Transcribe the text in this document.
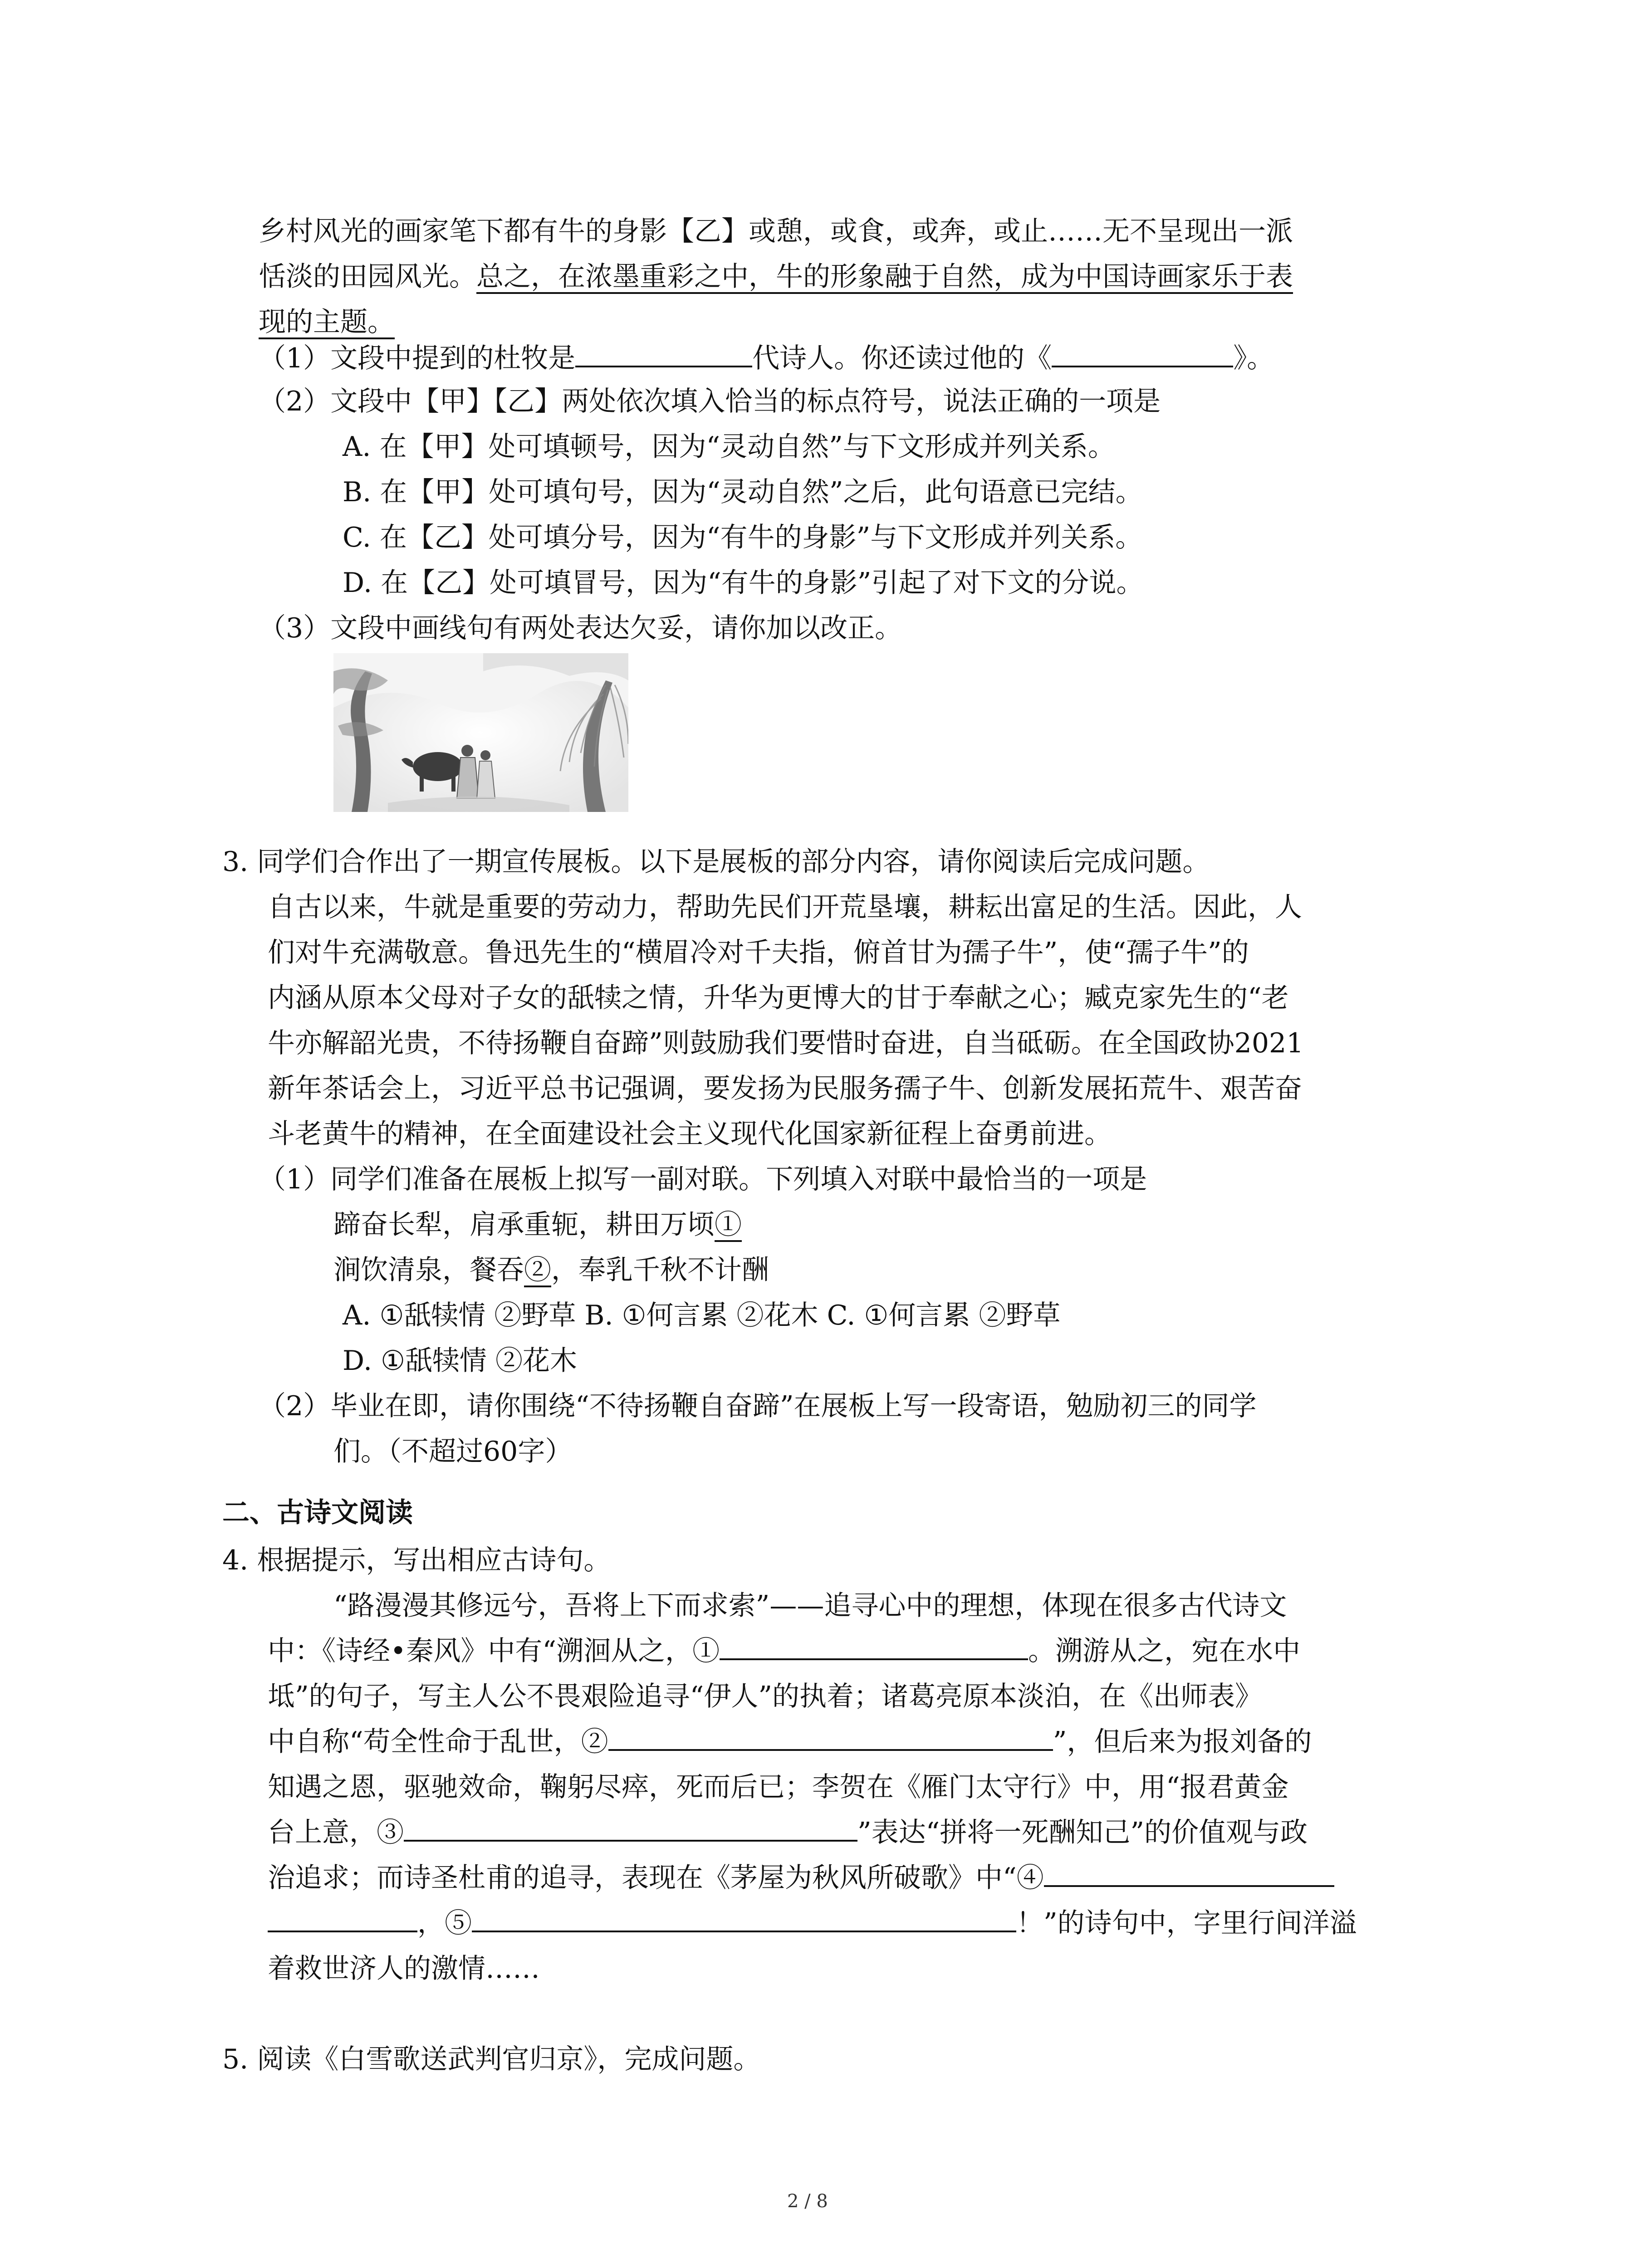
乡村风光的画家笔下都有牛的身影【乙】或憩，或食，或奔，或止……无不呈现出一派
恬淡的田园风光。总之，在浓墨重彩之中，牛的形象融于自然，成为中国诗画家乐于表
现的主题。
（1）文段中提到的杜牧是	代诗人。你还读过他的《	》。
（2）文段中【甲】【乙】两处依次填入恰当的标点符号，说法正确的一项是
A. 在【甲】处可填顿号，因为“灵动自然”与下文形成并列关系。
B. 在【甲】处可填句号，因为“灵动自然”之后，此句语意已完结。
C. 在【乙】处可填分号，因为“有牛的身影”与下文形成并列关系。
D. 在【乙】处可填冒号，因为“有牛的身影”引起了对下文的分说。
（3）文段中画线句有两处表达欠妥，请你加以改正。
3. 同学们合作出了一期宣传展板。以下是展板的部分内容，请你阅读后完成问题。
自古以来，牛就是重要的劳动力，帮助先民们开荒垦壤，耕耘出富足的生活。因此，人
们对牛充满敬意。鲁迅先生的“横眉冷对千夫指，俯首甘为孺子牛”，使“孺子牛”的
内涵从原本父母对子女的舐犊之情，升华为更博大的甘于奉献之心；臧克家先生的“老
牛亦解韶光贵，不待扬鞭自奋蹄”则鼓励我们要惜时奋进，自当砥砺。在全国政协2021
新年茶话会上，习近平总书记强调，要发扬为民服务孺子牛、创新发展拓荒牛、艰苦奋
斗老黄牛的精神，在全面建设社会主义现代化国家新征程上奋勇前进。
（1）同学们准备在展板上拟写一副对联。下列填入对联中最恰当的一项是
蹄奋长犁，肩承重轭，耕田万顷①
涧饮清泉，餐吞②，奉乳千秋不计酬
A. ①舐犊情 ②野草 B. ①何言累 ②花木 C. ①何言累 ②野草
D. ①舐犊情 ②花木
（2）毕业在即，请你围绕“不待扬鞭自奋蹄”在展板上写一段寄语，勉励初三的同学
们。（不超过60字）
二、古诗文阅读
4. 根据提示，写出相应古诗句。
“路漫漫其修远兮，吾将上下而求索”——追寻心中的理想，体现在很多古代诗文
中：《诗经•秦风》中有“溯洄从之，①	。溯游从之，宛在水中
坻”的句子，写主人公不畏艰险追寻“伊人”的执着；诸葛亮原本淡泊，在《出师表》
中自称“苟全性命于乱世，②	”，但后来为报刘备的
知遇之恩，驱驰效命，鞠躬尽瘁，死而后已；李贺在《雁门太守行》中，用“报君黄金
台上意，③	”表达“拼将一死酬知己”的价值观与政
治追求；而诗圣杜甫的追寻，表现在《茅屋为秋风所破歌》中“④
，⑤	！”的诗句中，字里行间洋溢
着救世济人的激情……
5. 阅读《白雪歌送武判官归京》，完成问题。
2 / 8
